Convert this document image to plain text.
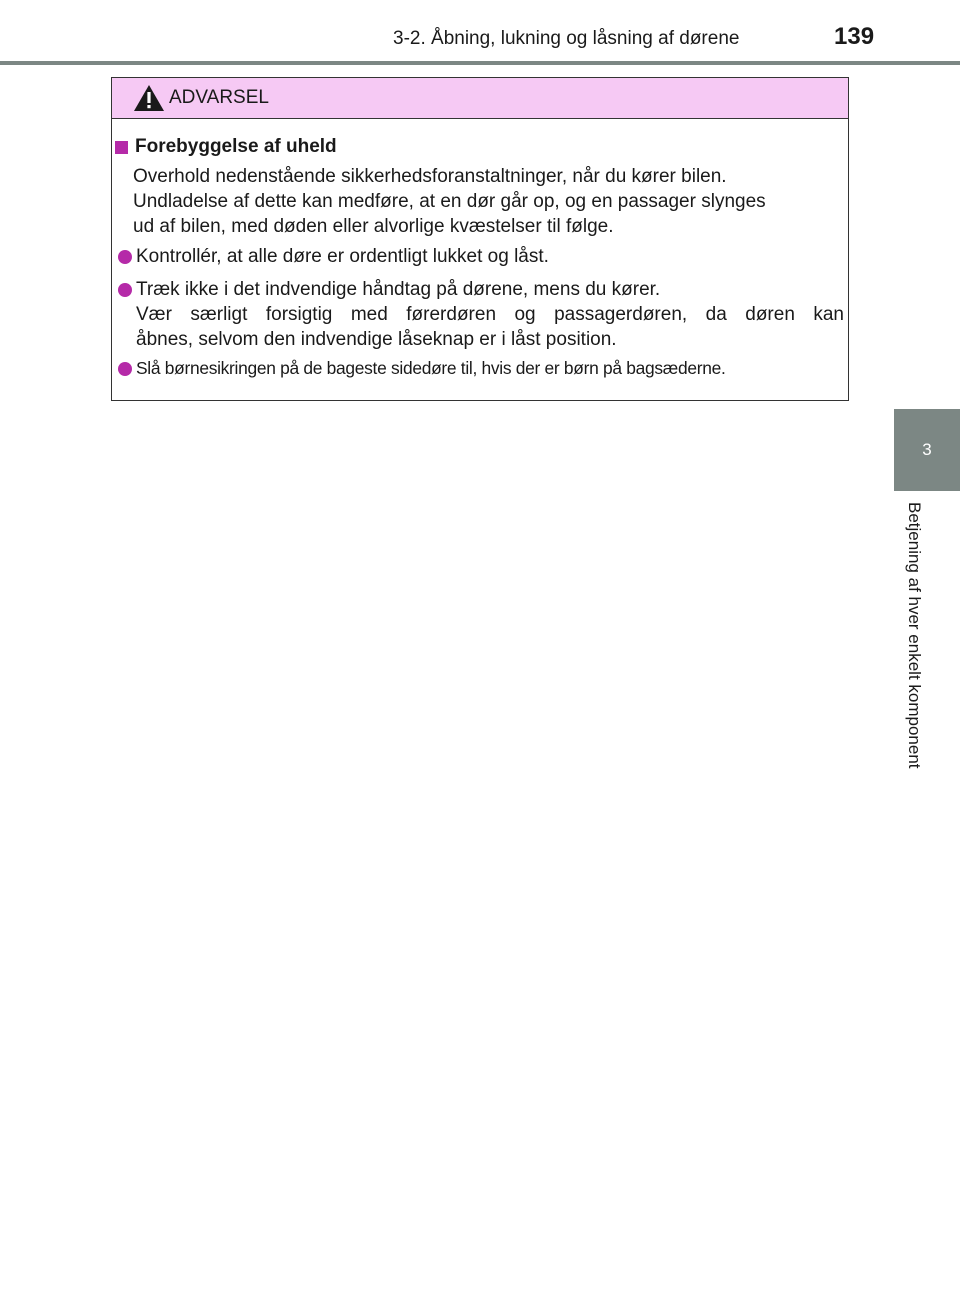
3-2. Åbning, lukning og låsning af dørene	139
3
Betjening af hver enkelt komponent
ADVARSEL
Forebyggelse af uheld
Overhold nedenstående sikkerhedsforanstaltninger, når du kører bilen.
Undladelse af dette kan medføre, at en dør går op, og en passager slynges
ud af bilen, med døden eller alvorlige kvæstelser til følge.
Kontrollér, at alle døre er ordentligt lukket og låst.
Træk ikke i det indvendige håndtag på dørene, mens du kører.
Vær særligt forsigtig med førerdøren og passagerdøren, da døren kan
åbnes, selvom den indvendige låseknap er i låst position.
Slå børnesikringen på de bageste sidedøre til, hvis der er børn på bagsæderne.
